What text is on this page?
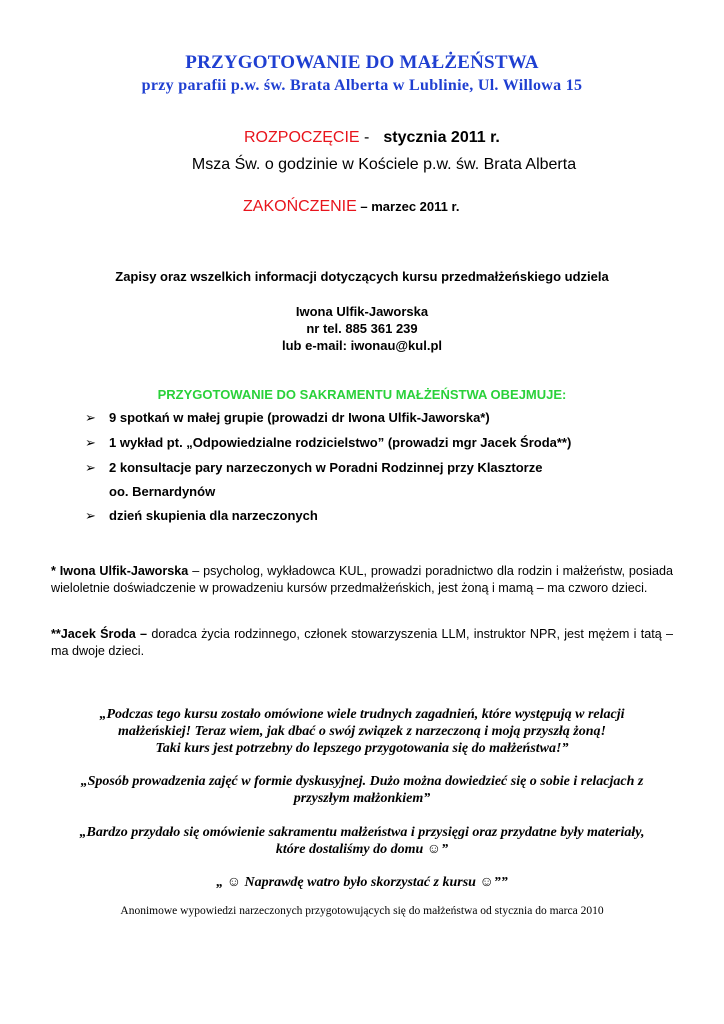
PRZYGOTOWANIE DO MAŁŻEŃSTWA
przy parafii p.w. św. Brata Alberta w Lublinie, Ul. Willowa 15
ROZPOCZĘCIE - stycznia 2011 r.
Msza Św. o godzinie w Kościele p.w. św. Brata Alberta
ZAKOŃCZENIE – marzec 2011 r.
Zapisy oraz wszelkich informacji dotyczących kursu przedmałżeńskiego udziela
Iwona Ulfik-Jaworska
nr tel. 885 361 239
lub e-mail: iwonau@kul.pl
PRZYGOTOWANIE DO SAKRAMENTU MAŁŻEŃSTWA OBEJMUJE:
➢ 9 spotkań w małej grupie (prowadzi dr Iwona Ulfik-Jaworska*)
➢ 1 wykład pt. „Odpowiedzialne rodzicielstwo” (prowadzi mgr Jacek Środa**)
➢ 2 konsultacje pary narzeczonych w Poradni Rodzinnej przy Klasztorze
oo. Bernardynów
➢ dzień skupienia dla narzeczonych
* Iwona Ulfik-Jaworska – psycholog, wykładowca KUL, prowadzi poradnictwo dla rodzin i małżeństw, posiada wieloletnie doświadczenie w prowadzeniu kursów przedmałżeńskich, jest żoną i mamą – ma czworo dzieci.
**Jacek Środa – doradca życia rodzinnego, członek stowarzyszenia LLM, instruktor NPR, jest mężem i tatą – ma dwoje dzieci.
„Podczas tego kursu zostało omówione wiele trudnych zagadnień, które występują w relacji
małżeńskiej! Teraz wiem, jak dbać o swój związek z narzeczoną i moją przyszłą żoną!
Taki kurs jest potrzebny do lepszego przygotowania się do małżeństwa!”
„Sposób prowadzenia zajęć w formie dyskusyjnej. Dużo można dowiedzieć się o sobie i relacjach z
przyszłym małżonkiem”
„Bardzo przydało się omówienie sakramentu małżeństwa i przysięgi oraz przydatne były materiały,
które dostaliśmy do domu ☺”
„ ☺ Naprawdę watro było skorzystać z kursu ☺””
Anonimowe wypowiedzi narzeczonych przygotowujących się do małżeństwa od stycznia do marca 2010
